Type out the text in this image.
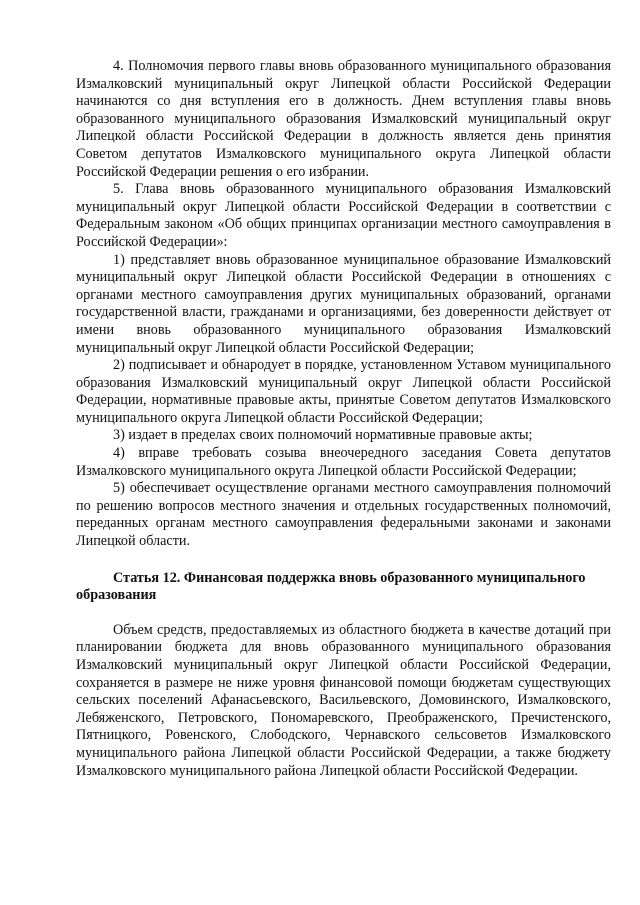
4. Полномочия первого главы вновь образованного муниципального образования Измалковский муниципальный округ Липецкой области Российской Федерации начинаются со дня вступления его в должность. Днем вступления главы вновь образованного муниципального образования Измалковский муниципальный округ Липецкой области Российской Федерации в должность является день принятия Советом депутатов Измалковского муниципального округа Липецкой области Российской Федерации решения о его избрании.

5. Глава вновь образованного муниципального образования Измалковский муниципальный округ Липецкой области Российской Федерации в соответствии с Федеральным законом «Об общих принципах организации местного самоуправления в Российской Федерации»:

1) представляет вновь образованное муниципальное образование Измалковский муниципальный округ Липецкой области Российской Федерации в отношениях с органами местного самоуправления других муниципальных образований, органами государственной власти, гражданами и организациями, без доверенности действует от имени вновь образованного муниципального образования Измалковский муниципальный округ Липецкой области Российской Федерации;

2) подписывает и обнародует в порядке, установленном Уставом муниципального образования Измалковский муниципальный округ Липецкой области Российской Федерации, нормативные правовые акты, принятые Советом депутатов Измалковского муниципального округа Липецкой области Российской Федерации;

3) издает в пределах своих полномочий нормативные правовые акты;

4) вправе требовать созыва внеочередного заседания Совета депутатов Измалковского муниципального округа Липецкой области Российской Федерации;

5) обеспечивает осуществление органами местного самоуправления полномочий по решению вопросов местного значения и отдельных государственных полномочий, переданных органам местного самоуправления федеральными законами и законами Липецкой области.

Статья 12. Финансовая поддержка вновь образованного муниципального образования

Объем средств, предоставляемых из областного бюджета в качестве дотаций при планировании бюджета для вновь образованного муниципального образования Измалковский муниципальный округ Липецкой области Российской Федерации, сохраняется в размере не ниже уровня финансовой помощи бюджетам существующих сельских поселений Афанасьевского, Васильевского, Домовинского, Измалковского, Лебяженского, Петровского, Пономаревского, Преображенского, Пречистенского, Пятницкого, Ровенского, Слободского, Чернавского сельсоветов Измалковского муниципального района Липецкой области Российской Федерации, а также бюджету Измалковского муниципального района Липецкой области Российской Федерации.
